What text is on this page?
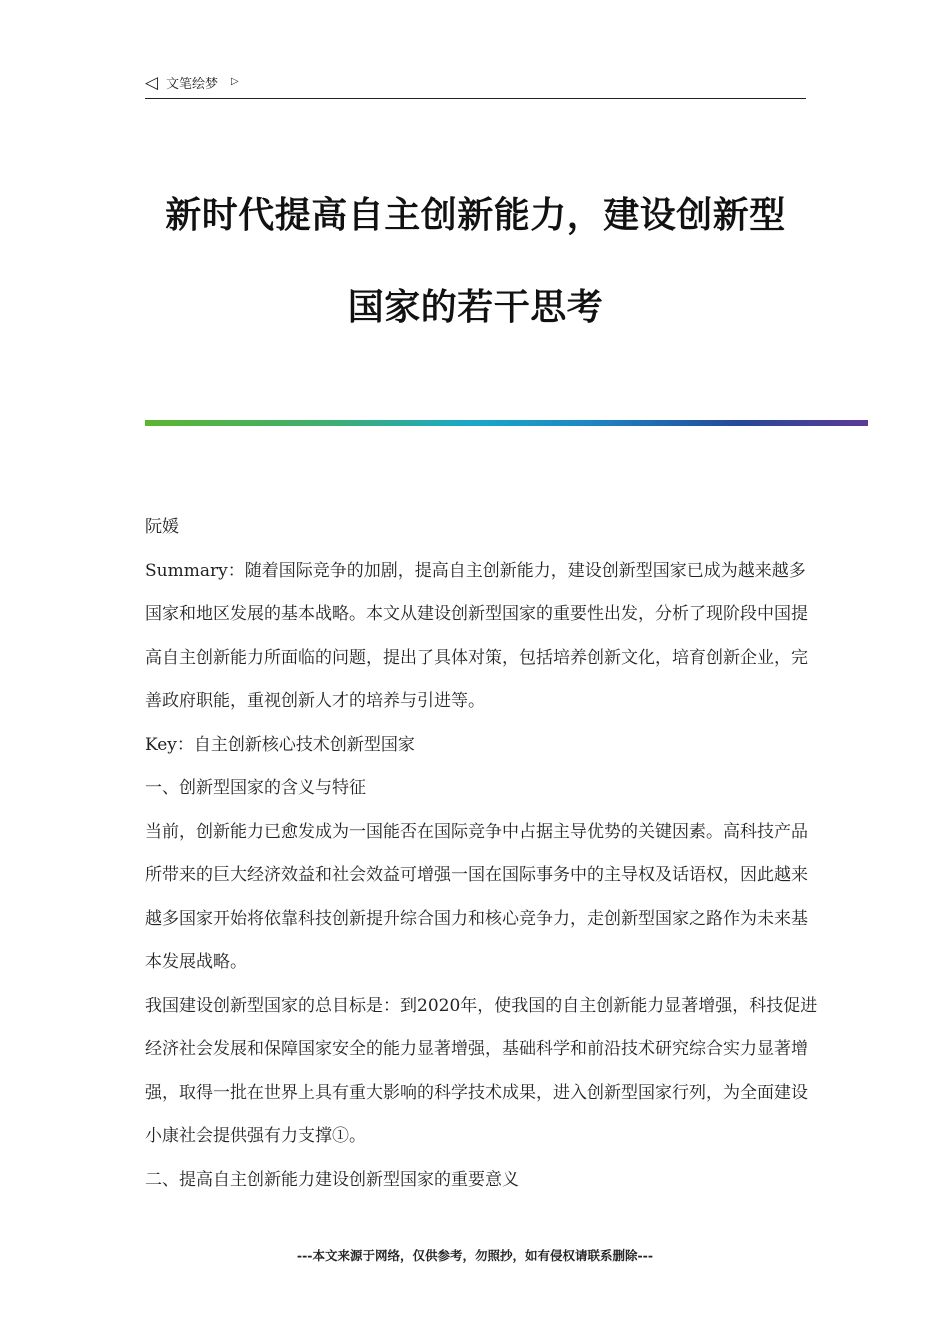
◁ 文笔绘梦 ▷
新时代提高自主创新能力，建设创新型
国家的若干思考

阮媛

Summary：随着国际竞争的加剧，提高自主创新能力，建设创新型国家已成为越来越多国家和地区发展的基本战略。本文从建设创新型国家的重要性出发，分析了现阶段中国提高自主创新能力所面临的问题，提出了具体对策，包括培养创新文化，培育创新企业，完善政府职能，重视创新人才的培养与引进等。

Key：自主创新核心技术创新型国家

一、创新型国家的含义与特征

当前，创新能力已愈发成为一国能否在国际竞争中占据主导优势的关键因素。高科技产品所带来的巨大经济效益和社会效益可增强一国在国际事务中的主导权及话语权，因此越来越多国家开始将依靠科技创新提升综合国力和核心竞争力，走创新型国家之路作为未来基本发展战略。

我国建设创新型国家的总目标是：到2020年，使我国的自主创新能力显著增强，科技促进经济社会发展和保障国家安全的能力显著增强，基础科学和前沿技术研究综合实力显著增强，取得一批在世界上具有重大影响的科学技术成果，进入创新型国家行列，为全面建设小康社会提供强有力支撑①。

二、提高自主创新能力建设创新型国家的重要意义

---本文来源于网络，仅供参考，勿照抄，如有侵权请联系删除---
